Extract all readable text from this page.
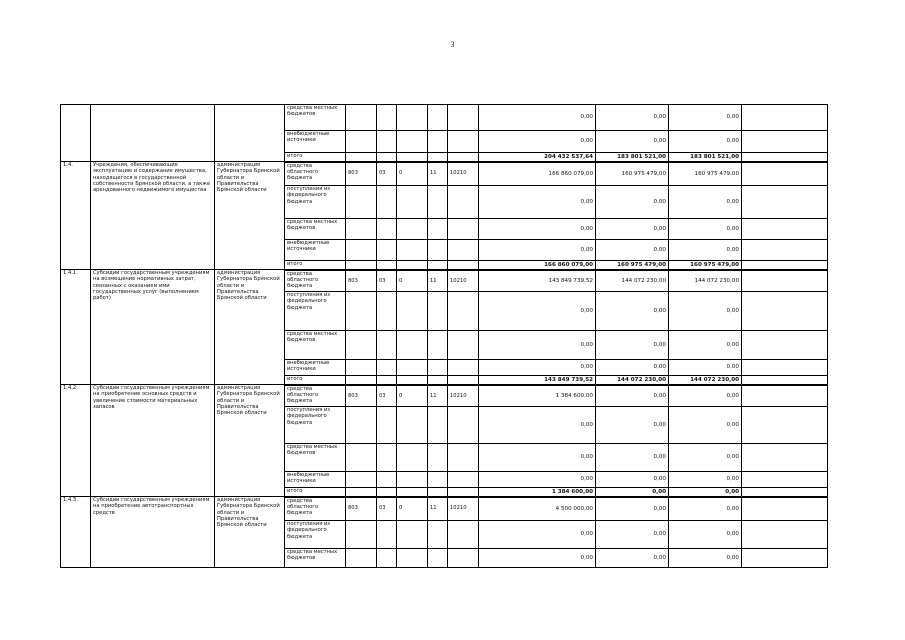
3
			средства местных бюджетов						0,00	0,00	0,00	
			внебюджетные источники						0,00	0,00	0,00	
			итого						204 432 537,64	183 801 521,00	183 801 521,00	
1.4.	Учреждения, обеспечивающие эксплуатацию и содержание имущества, находящегося в государственной собственности Брянской области, а также арендованного недвижимого имущества	администрация Губернатора Брянской области и Правительства Брянской области	средства областного бюджета	803	03	0	11	10210	166 860 079,00	160 975 479,00	160 975 479,00	
			поступления из федерального бюджета						0,00	0,00	0,00	
			средства местных бюджетов						0,00	0,00	0,00	
			внебюджетные источники						0,00	0,00	0,00	
			итого						166 860 079,00	160 975 479,00	160 975 479,00	
1.4.1.	Субсидии государственным учреждениям на возмещение нормативных затрат, связанных с оказанием ими государственных услуг (выполнением работ)	администрация Губернатора Брянской области и Правительства Брянской области	средства областного бюджета	803	03	0	11	10210	143 849 739,52	144 072 230,00	144 072 230,00	
			поступления из федерального бюджета						0,00	0,00	0,00	
			средства местных бюджетов						0,00	0,00	0,00	
			внебюджетные источники						0,00	0,00	0,00	
			итого						143 849 739,52	144 072 230,00	144 072 230,00	
1.4.2.	Субсидии государственным учреждениям на приобретение основных средств и увеличение стоимости материальных запасов	администрация Губернатора Брянской области и Правительства Брянской области	средства областного бюджета	803	03	0	11	10210	1 384 600,00	0,00	0,00	
			поступления из федерального бюджета						0,00	0,00	0,00	
			средства местных бюджетов						0,00	0,00	0,00	
			внебюджетные источники						0,00	0,00	0,00	
			итого						1 384 600,00	0,00	0,00	
1.4.3.	Субсидии государственным учреждениям на приобретение автотранспортных средств	администрация Губернатора Брянской области и Правительства Брянской области	средства областного бюджета	803	03	0	11	10210	4 500 000,00	0,00	0,00	
			поступления из федерального бюджета						0,00	0,00	0,00	
			средства местных бюджетов						0,00	0,00	0,00	
